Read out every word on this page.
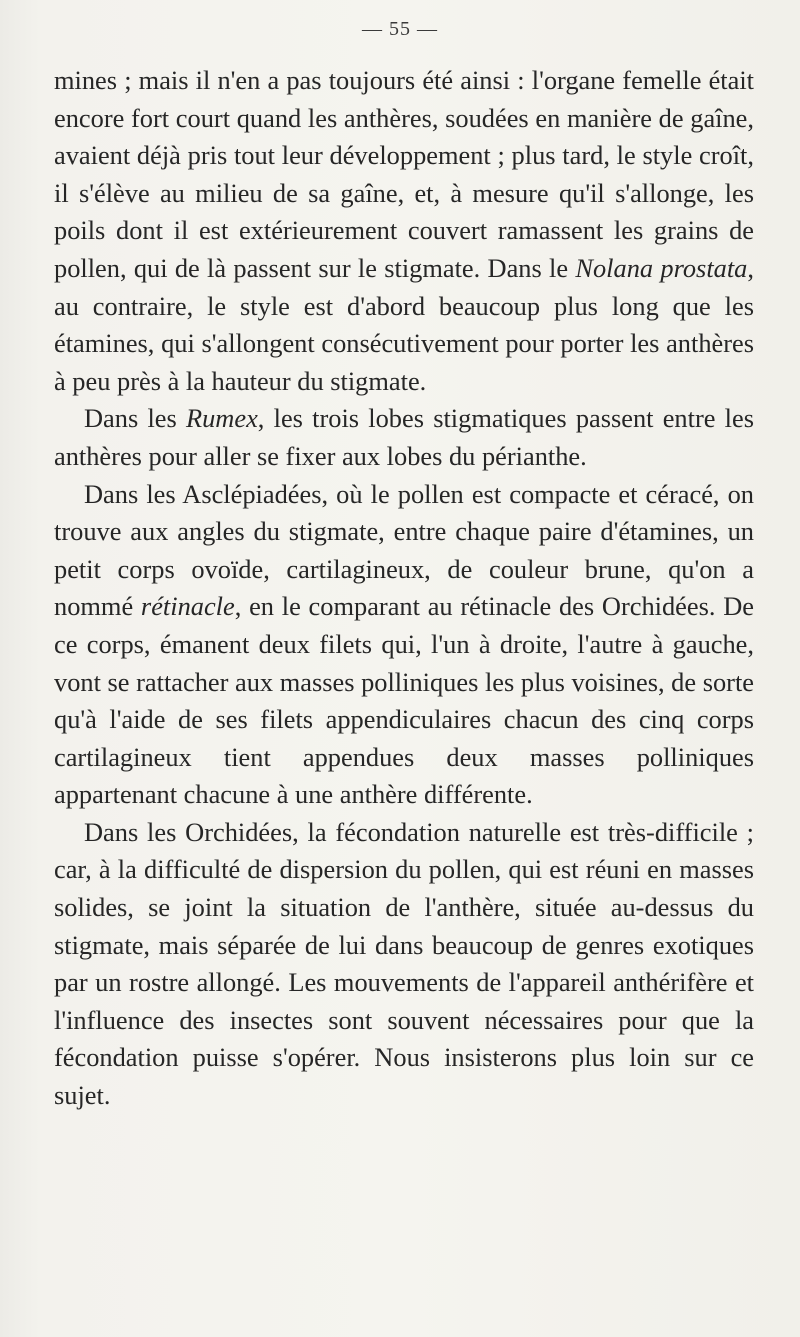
— 55 —

mines ; mais il n'en a pas toujours été ainsi : l'organe femelle était encore fort court quand les anthères, soudées en manière de gaîne, avaient déjà pris tout leur développement ; plus tard, le style croît, il s'élève au milieu de sa gaîne, et, à mesure qu'il s'allonge, les poils dont il est extérieurement couvert ramassent les grains de pollen, qui de là passent sur le stigmate. Dans le Nolana prostata, au contraire, le style est d'abord beaucoup plus long que les étamines, qui s'allongent consécutivement pour porter les anthères à peu près à la hauteur du stigmate.

Dans les Rumex, les trois lobes stigmatiques passent entre les anthères pour aller se fixer aux lobes du périanthe.

Dans les Asclépiadées, où le pollen est compacte et céracé, on trouve aux angles du stigmate, entre chaque paire d'étamines, un petit corps ovoïde, cartilagineux, de couleur brune, qu'on a nommé rétinacle, en le comparant au rétinacle des Orchidées. De ce corps, émanent deux filets qui, l'un à droite, l'autre à gauche, vont se rattacher aux masses polliniques les plus voisines, de sorte qu'à l'aide de ses filets appendiculaires chacun des cinq corps cartilagineux tient appendues deux masses polliniques appartenant chacune à une anthère différente.

Dans les Orchidées, la fécondation naturelle est très-difficile ; car, à la difficulté de dispersion du pollen, qui est réuni en masses solides, se joint la situation de l'anthère, située au-dessus du stigmate, mais séparée de lui dans beaucoup de genres exotiques par un rostre allongé. Les mouvements de l'appareil anthérifère et l'influence des insectes sont souvent nécessaires pour que la fécondation puisse s'opérer. Nous insisterons plus loin sur ce sujet.
